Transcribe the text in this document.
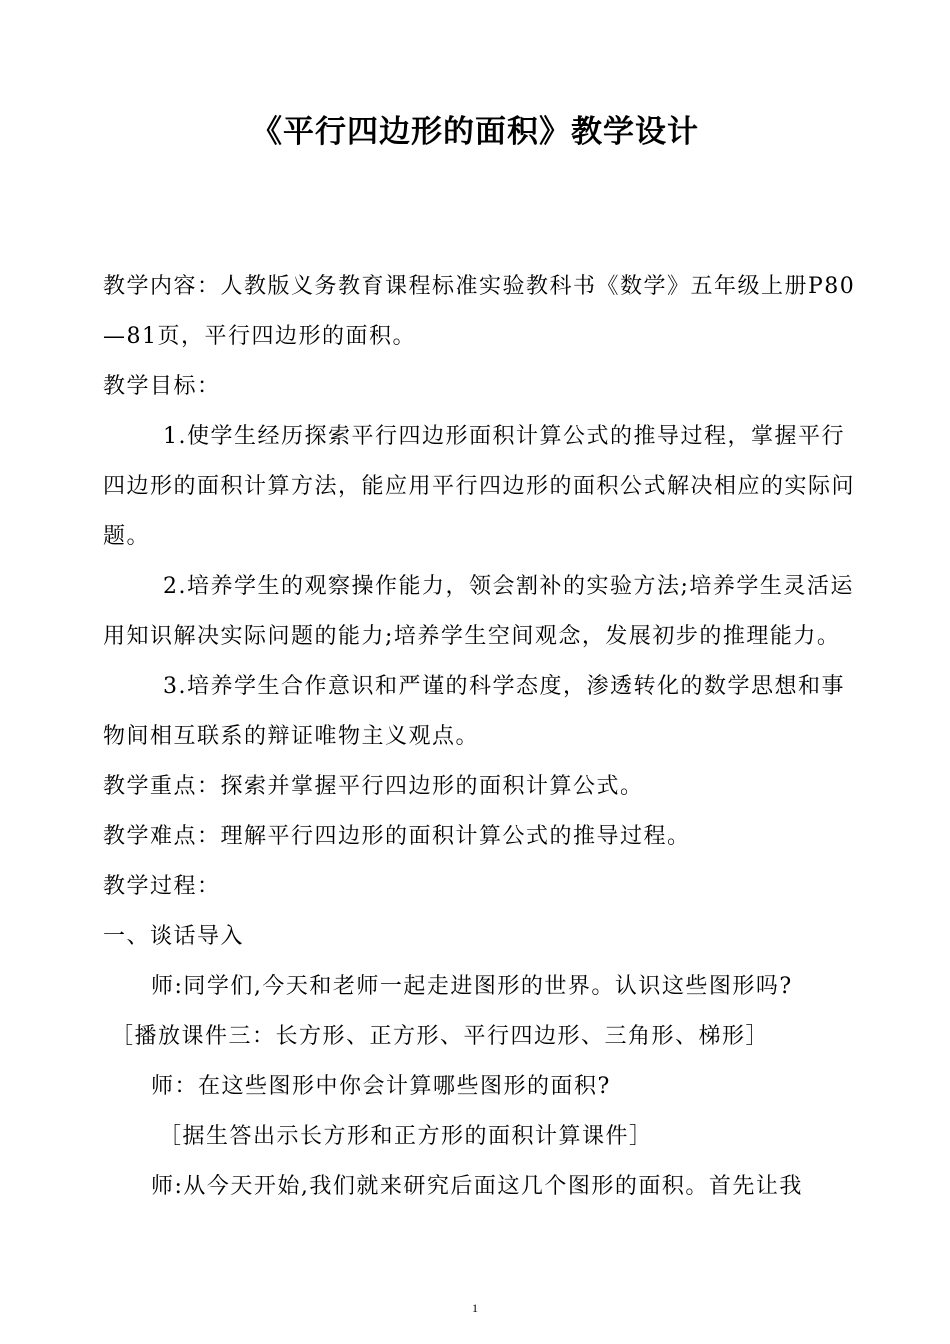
《平行四边形的面积》教学设计

教学内容：人教版义务教育课程标准实验教科书《数学》五年级上册P80—81页，平行四边形的面积。

教学目标：

1.使学生经历探索平行四边形面积计算公式的推导过程，掌握平行四边形的面积计算方法，能应用平行四边形的面积公式解决相应的实际问题。

2.培养学生的观察操作能力，领会割补的实验方法;培养学生灵活运用知识解决实际问题的能力;培养学生空间观念，发展初步的推理能力。

3.培养学生合作意识和严谨的科学态度，渗透转化的数学思想和事物间相互联系的辩证唯物主义观点。

教学重点：探索并掌握平行四边形的面积计算公式。

教学难点：理解平行四边形的面积计算公式的推导过程。

教学过程：

一、谈话导入

师:同学们,今天和老师一起走进图形的世界。认识这些图形吗?

［播放课件三：长方形、正方形、平行四边形、三角形、梯形］

师：在这些图形中你会计算哪些图形的面积?

［据生答出示长方形和正方形的面积计算课件］

师:从今天开始,我们就来研究后面这几个图形的面积。首先让我

1
